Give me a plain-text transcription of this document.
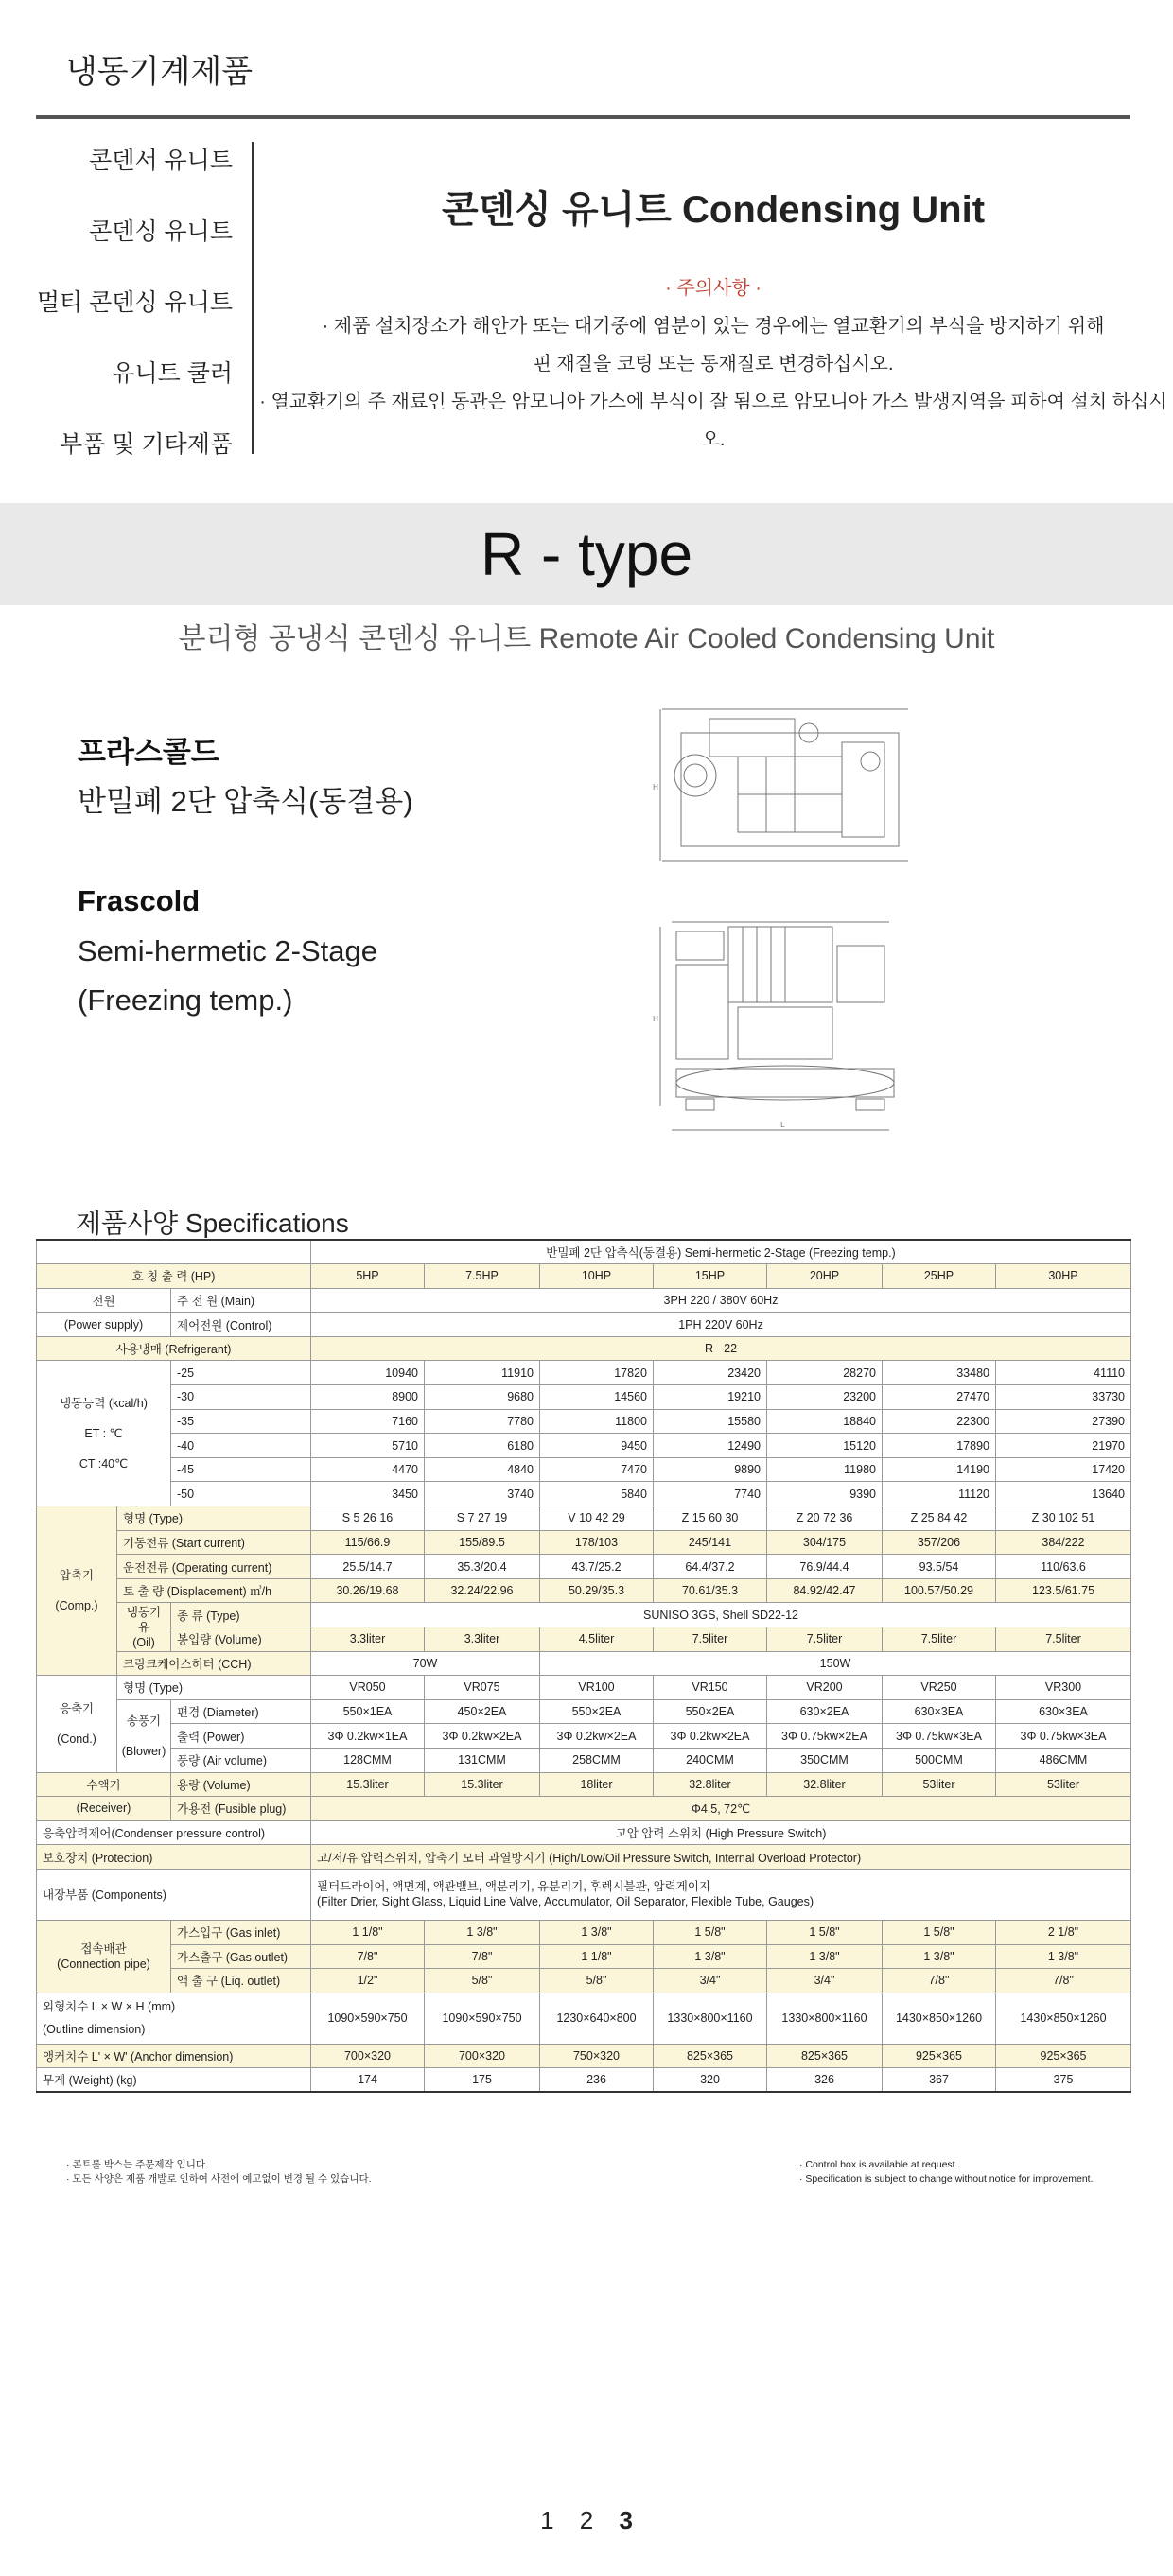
냉동기계제품
콘덴서 유니트
콘덴싱 유니트
멀티 콘덴싱 유니트
유니트 쿨러
부품 및 기타제품
콘덴싱 유니트 Condensing Unit
· 주의사항 ·
· 제품 설치장소가 해안가 또는 대기중에 염분이 있는 경우에는 열교환기의 부식을 방지하기 위해
핀 재질을 코팅 또는 동재질로 변경하십시오.
· 열교환기의 주 재료인 동관은 암모니아 가스에 부식이 잘 됨으로 암모니아 가스 발생지역을 피하여 설치 하십시오.
R - type
분리형 공냉식 콘덴싱 유니트 Remote Air Cooled Condensing Unit
프라스콜드
반밀폐 2단 압축식(동결용)
Frascold
Semi-hermetic 2-Stage
(Freezing temp.)
H
H
L
제품사양 Specifications
			반밀폐 2단 압축식(동결용) Semi-hermetic 2-Stage (Freezing temp.)						
호 칭 출 력 (HP)			5HP	7.5HP	10HP	15HP	20HP	25HP	30HP
전원		주 전 원 (Main)	3PH 220 / 380V 60Hz						
(Power supply)		제어전원 (Control)	1PH 220V 60Hz						
사용냉매 (Refrigerant)			R - 22						

냉동능력 (kcal/h)

ET : ℃

CT :40℃		-25	10940	11910	17820	23420	28270	33480	41110
		-30	8900	9680	14560	19210	23200	27470	33730
		-35	7160	7780	11800	15580	18840	22300	27390
		-40	5710	6180	9450	12490	15120	17890	21970
		-45	4470	4840	7470	9890	11980	14190	17420
		-50	3450	3740	5840	7740	9390	11120	13640

압축기

(Comp.)	형명 (Type)		S 5 26 16	S 7 27 19	V 10 42 29	Z 15 60 30	Z 20 72 36	Z 25 84 42	Z 30 102 51
	기동전류 (Start current)		115/66.9	155/89.5	178/103	245/141	304/175	357/206	384/222
	운전전류 (Operating current)		25.5/14.7	35.3/20.4	43.7/25.2	64.4/37.2	76.9/44.4	93.5/54	110/63.6
	토 출 량 (Displacement) ㎥/h		30.26/19.68	32.24/22.96	50.29/35.3	70.61/35.3	84.92/42.47	100.57/50.29	123.5/61.75

	냉동기유
(Oil)	종 류 (Type)	SUNISO 3GS, Shell SD22-12						
		봉입량 (Volume)	3.3liter	3.3liter	4.5liter	7.5liter	7.5liter	7.5liter	7.5liter
	크랑크케이스히터 (CCH)		70W		150W				

응축기

(Cond.)	형명 (Type)		VR050	VR075	VR100	VR150	VR200	VR250	VR300

	송풍기

(Blower)	편경 (Diameter)	550×1EA	450×2EA	550×2EA	550×2EA	630×2EA	630×3EA	630×3EA
		출력 (Power)	3Φ 0.2kw×1EA	3Φ 0.2kw×2EA	3Φ 0.2kw×2EA	3Φ 0.2kw×2EA	3Φ 0.75kw×2EA	3Φ 0.75kw×3EA	3Φ 0.75kw×3EA
		풍량 (Air volume)	128CMM	131CMM	258CMM	240CMM	350CMM	500CMM	486CMM
수액기		용량 (Volume)	15.3liter	15.3liter	18liter	32.8liter	32.8liter	53liter	53liter
(Receiver)		가용전 (Fusible plug)	Φ4.5, 72℃						
응축압력제어(Condenser pressure control)			고압 압력 스위치 (High Pressure Switch)						
보호장치 (Protection)			고/저/유 압력스위치, 압축기 모터 과열방지기 (High/Low/Oil Pressure Switch, Internal Overload Protector)						
내장부품 (Components)			필터드라이어, 액면계, 액관밸브, 액분리기, 유분리기, 후렉시블관, 압력게이지
(Filter Drier, Sight Glass, Liquid Line Valve, Accumulator, Oil Separator, Flexible Tube, Gauges)						

접속배관
(Connection pipe)		가스입구 (Gas inlet)	1 1/8"	1 3/8"	1 3/8"	1 5/8"	1 5/8"	1 5/8"	2 1/8"
		가스출구 (Gas outlet)	7/8"	7/8"	1 1/8"	1 3/8"	1 3/8"	1 3/8"	1 3/8"
		액 출 구 (Liq. outlet)	1/2"	5/8"	5/8"	3/4"	3/4"	7/8"	7/8"

외형치수 L × W × H (mm)
(Outline dimension)			1090×590×750	1090×590×750	1230×640×800	1330×800×1160	1330×800×1160	1430×850×1260	1430×850×1260
앵커치수 L' × W' (Anchor dimension)			700×320	700×320	750×320	825×365	825×365	925×365	925×365
무게 (Weight) (kg)			174	175	236	320	326	367	375
· 콘트롤 박스는 주문제작 입니다.
· 모든 사양은 제품 개발로 인하여 사전에 예고없이 변경 될 수 있습니다.
· Control box is available at request..
· Specification is subject to change without notice for improvement.
1 2 3
